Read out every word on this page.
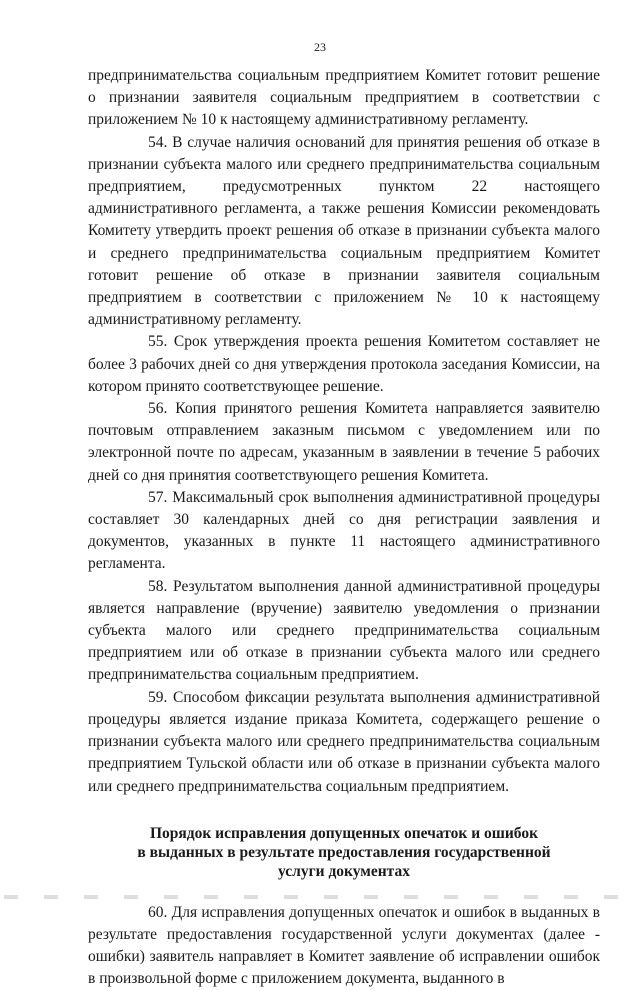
23

предпринимательства социальным предприятием Комитет готовит решение о признании заявителя социальным предприятием в соответствии с приложением № 10 к настоящему административному регламенту.

54. В случае наличия оснований для принятия решения об отказе в признании субъекта малого или среднего предпринимательства социальным предприятием, предусмотренных пунктом 22 настоящего административного регламента, а также решения Комиссии рекомендовать Комитету утвердить проект решения об отказе в признании субъекта малого и среднего предпринимательства социальным предприятием Комитет готовит решение об отказе в признании заявителя социальным предприятием в соответствии с приложением № 10 к настоящему административному регламенту.

55. Срок утверждения проекта решения Комитетом составляет не более 3 рабочих дней со дня утверждения протокола заседания Комиссии, на котором принято соответствующее решение.

56. Копия принятого решения Комитета направляется заявителю почтовым отправлением заказным письмом с уведомлением или по электронной почте по адресам, указанным в заявлении в течение 5 рабочих дней со дня принятия соответствующего решения Комитета.

57. Максимальный срок выполнения административной процедуры составляет 30 календарных дней со дня регистрации заявления и документов, указанных в пункте 11 настоящего административного регламента.

58. Результатом выполнения данной административной процедуры является направление (вручение) заявителю уведомления о признании субъекта малого или среднего предпринимательства социальным предприятием или об отказе в признании субъекта малого или среднего предпринимательства социальным предприятием.

59. Способом фиксации результата выполнения административной процедуры является издание приказа Комитета, содержащего решение о признании субъекта малого или среднего предпринимательства социальным предприятием Тульской области или об отказе в признании субъекта малого или среднего предпринимательства социальным предприятием.

Порядок исправления допущенных опечаток и ошибок
в выданных в результате предоставления государственной
услуги документах

60. Для исправления допущенных опечаток и ошибок в выданных в результате предоставления государственной услуги документах (далее - ошибки) заявитель направляет в Комитет заявление об исправлении ошибок в произвольной форме с приложением документа, выданного в
